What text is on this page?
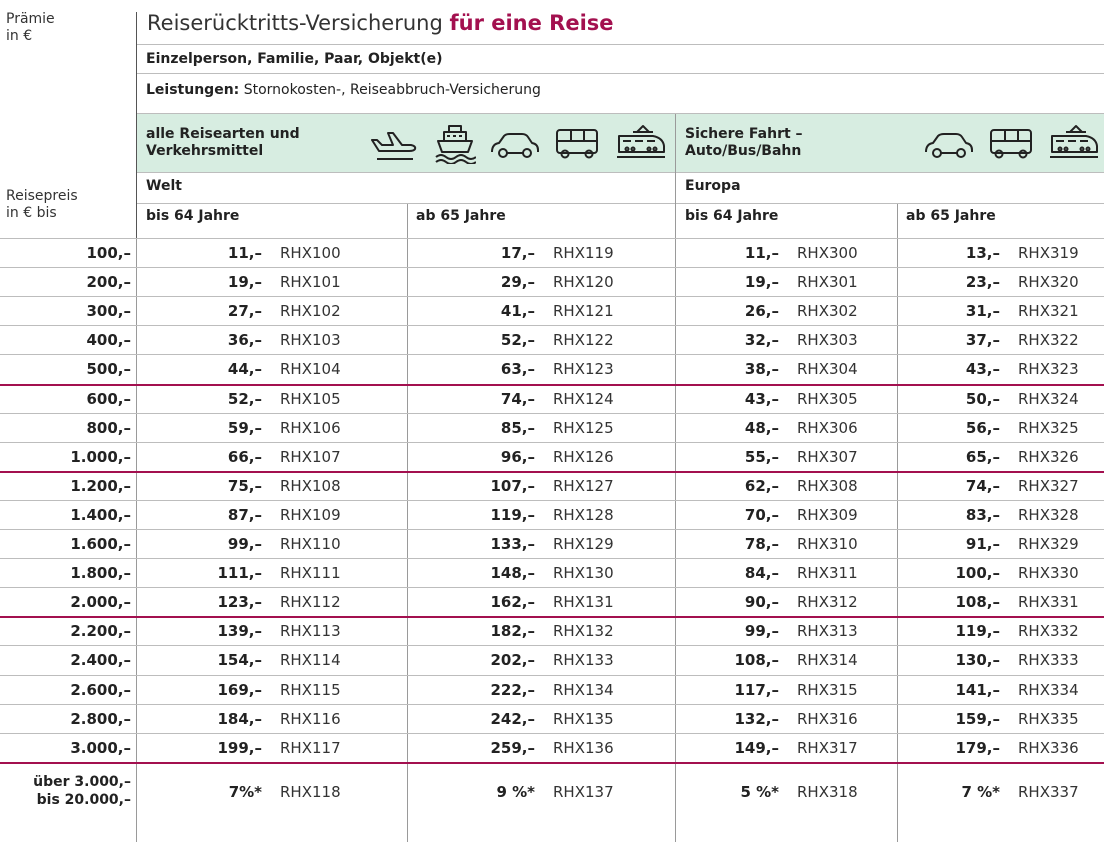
Prämie
in €
Reisepreis
in € bis
Reiserücktritts-Versicherung für eine Reise
Einzelperson, Familie, Paar, Objekt(e)
Leistungen: Stornokosten-, Reiseabbruch-Versicherung
alle Reisearten und
Verkehrsmittel
Sichere Fahrt –
Auto/Bus/Bahn
Welt	Europa
bis 64 Jahre	ab 65 Jahre	bis 64 Jahre	ab 65 Jahre
100,–	11,– RHX100	17,– RHX119	11,– RHX300	13,– RHX319
200,–	19,– RHX101	29,– RHX120	19,– RHX301	23,– RHX320
300,–	27,– RHX102	41,– RHX121	26,– RHX302	31,– RHX321
400,–	36,– RHX103	52,– RHX122	32,– RHX303	37,– RHX322
500,–	44,– RHX104	63,– RHX123	38,– RHX304	43,– RHX323
600,–	52,– RHX105	74,– RHX124	43,– RHX305	50,– RHX324
800,–	59,– RHX106	85,– RHX125	48,– RHX306	56,– RHX325
1.000,–	66,– RHX107	96,– RHX126	55,– RHX307	65,– RHX326
1.200,–	75,– RHX108	107,– RHX127	62,– RHX308	74,– RHX327
1.400,–	87,– RHX109	119,– RHX128	70,– RHX309	83,– RHX328
1.600,–	99,– RHX110	133,– RHX129	78,– RHX310	91,– RHX329
1.800,–	111,– RHX111	148,– RHX130	84,– RHX311	100,– RHX330
2.000,–	123,– RHX112	162,– RHX131	90,– RHX312	108,– RHX331
2.200,–	139,– RHX113	182,– RHX132	99,– RHX313	119,– RHX332
2.400,–	154,– RHX114	202,– RHX133	108,– RHX314	130,– RHX333
2.600,–	169,– RHX115	222,– RHX134	117,– RHX315	141,– RHX334
2.800,–	184,– RHX116	242,– RHX135	132,– RHX316	159,– RHX335
3.000,–	199,– RHX117	259,– RHX136	149,– RHX317	179,– RHX336
über 3.000,–
bis 20.000,–	7%* RHX118	9 %* RHX137	5 %* RHX318	7 %* RHX337
